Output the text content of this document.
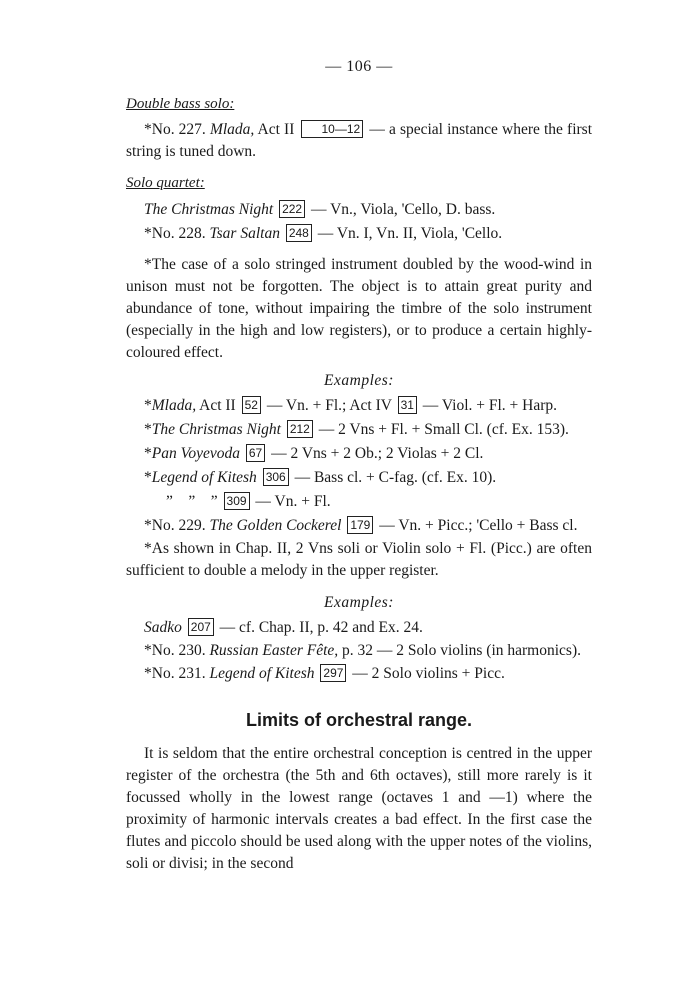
— 106 —
Double bass solo:

*No. 227. Mlada, Act II 10—12 — a special instance where the first string is tuned down.

Solo quartet:
The Christmas Night 222 — Vn., Viola, 'Cello, D. bass.
*No. 228. Tsar Saltan 248 — Vn. I, Vn. II, Viola, 'Cello.

*The case of a solo stringed instrument doubled by the wood-wind in unison must not be forgotten. The object is to attain great purity and abundance of tone, without impairing the timbre of the solo instrument (especially in the high and low registers), or to produce a certain highly-coloured effect.

Examples:
*Mlada, Act II 52 — Vn. + Fl.; Act IV 31 — Viol. + Fl. + Harp.
*The Christmas Night 212 — 2 Vns + Fl. + Small Cl. (cf. Ex. 153).
*Pan Voyevoda 67 — 2 Vns + 2 Ob.; 2 Violas + 2 Cl.
*Legend of Kitesh 306 — Bass cl. + C-fag. (cf. Ex. 10).
”    ”    ” 309 — Vn. + Fl.
*No. 229. The Golden Cockerel 179 — Vn. + Picc.; 'Cello + Bass cl.

*As shown in Chap. II, 2 Vns soli or Violin solo + Fl. (Picc.) are often sufficient to double a melody in the upper register.

Examples:
Sadko 207 — cf. Chap. II, p. 42 and Ex. 24.

*No. 230. Russian Easter Fête, p. 32 — 2 Solo violins (in harmonics).

*No. 231. Legend of Kitesh 297 — 2 Solo violins + Picc.
Limits of orchestral range.

It is seldom that the entire orchestral conception is centred in the upper register of the orchestra (the 5th and 6th octaves), still more rarely is it focussed wholly in the lowest range (octaves 1 and —1) where the proximity of harmonic intervals creates a bad effect. In the first case the flutes and piccolo should be used along with the upper notes of the violins, soli or divisi; in the second
